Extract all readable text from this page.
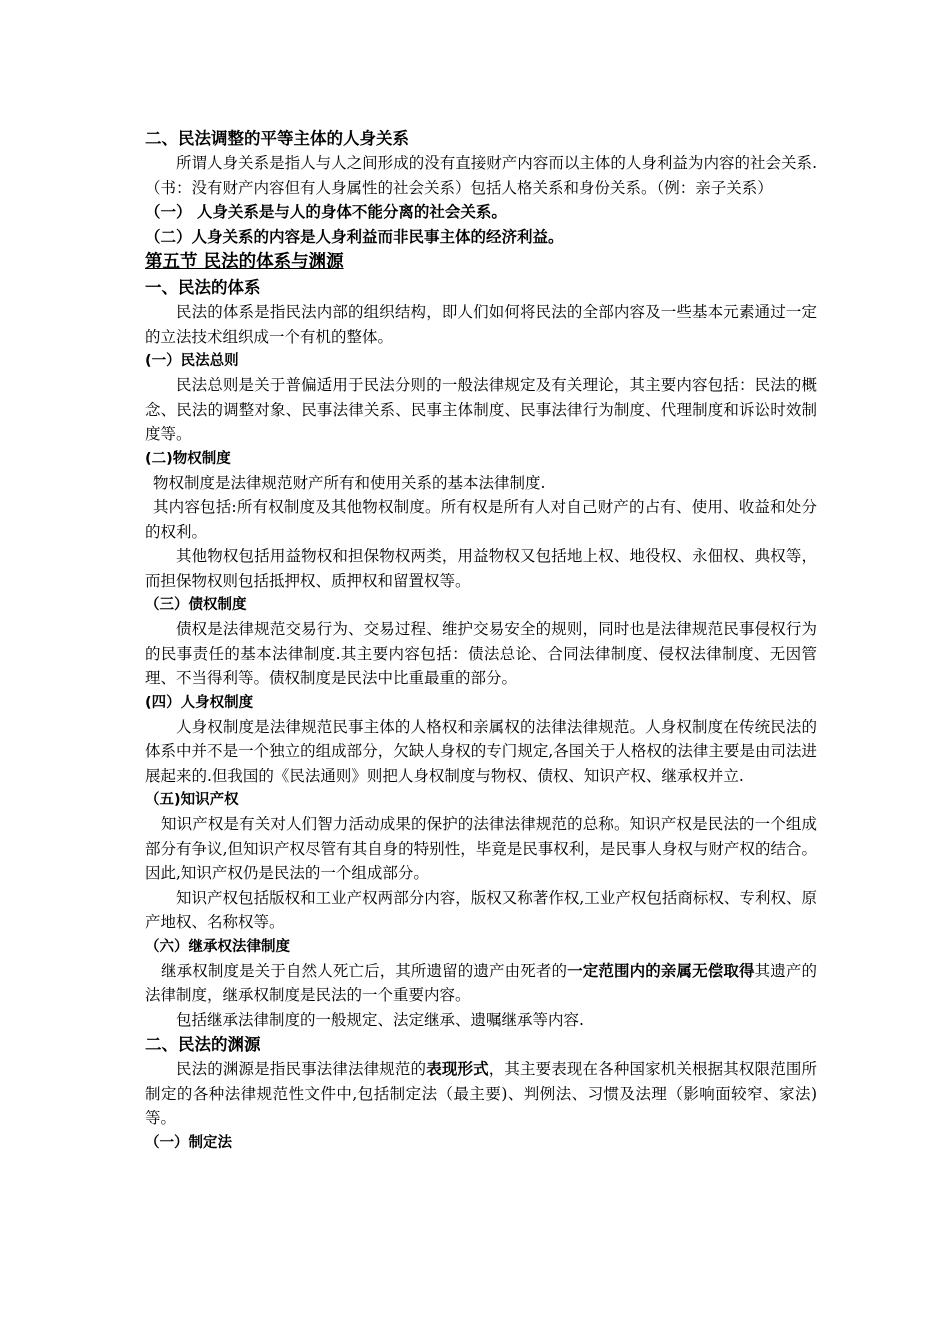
二、民法调整的平等主体的人身关系

所谓人身关系是指人与人之间形成的没有直接财产内容而以主体的人身利益为内容的社会关系.（书：没有财产内容但有人身属性的社会关系）包括人格关系和身份关系。（例：亲子关系）

（一） 人身关系是与人的身体不能分离的社会关系。

（二）人身关系的内容是人身利益而非民事主体的经济利益。

第五节 民法的体系与渊源

一、民法的体系

民法的体系是指民法内部的组织结构，即人们如何将民法的全部内容及一些基本元素通过一定的立法技术组织成一个有机的整体。

(一）民法总则

民法总则是关于普偏适用于民法分则的一般法律规定及有关理论，其主要内容包括：民法的概念、民法的调整对象、民事法律关系、民事主体制度、民事法律行为制度、代理制度和诉讼时效制度等。

(二)物权制度

物权制度是法律规范财产所有和使用关系的基本法律制度.

其内容包括:所有权制度及其他物权制度。所有权是所有人对自己财产的占有、使用、收益和处分的权利。

其他物权包括用益物权和担保物权两类，用益物权又包括地上权、地役权、永佃权、典权等，而担保物权则包括抵押权、质押权和留置权等。

（三）债权制度

债权是法律规范交易行为、交易过程、维护交易安全的规则，同时也是法律规范民事侵权行为的民事责任的基本法律制度.其主要内容包括：债法总论、合同法律制度、侵权法律制度、无因管理、不当得利等。债权制度是民法中比重最重的部分。

(四）人身权制度

人身权制度是法律规范民事主体的人格权和亲属权的法律法律规范。人身权制度在传统民法的体系中并不是一个独立的组成部分，欠缺人身权的专门规定,各国关于人格权的法律主要是由司法进展起来的.但我国的《民法通则》则把人身权制度与物权、债权、知识产权、继承权并立.

（五)知识产权

知识产权是有关对人们智力活动成果的保护的法律法律规范的总称。知识产权是民法的一个组成部分有争议,但知识产权尽管有其自身的特别性，毕竟是民事权利，是民事人身权与财产权的结合。因此,知识产权仍是民法的一个组成部分。

知识产权包括版权和工业产权两部分内容，版权又称著作权,工业产权包括商标权、专利权、原产地权、名称权等。

（六）继承权法律制度

继承权制度是关于自然人死亡后，其所遗留的遗产由死者的一定范围内的亲属无偿取得其遗产的法律制度，继承权制度是民法的一个重要内容。

包括继承法律制度的一般规定、法定继承、遗嘱继承等内容.

二、民法的渊源

民法的渊源是指民事法律法律规范的表现形式，其主要表现在各种国家机关根据其权限范围所制定的各种法律规范性文件中,包括制定法（最主要)、判例法、习惯及法理（影响面较窄、家法)等。

（一）制定法
